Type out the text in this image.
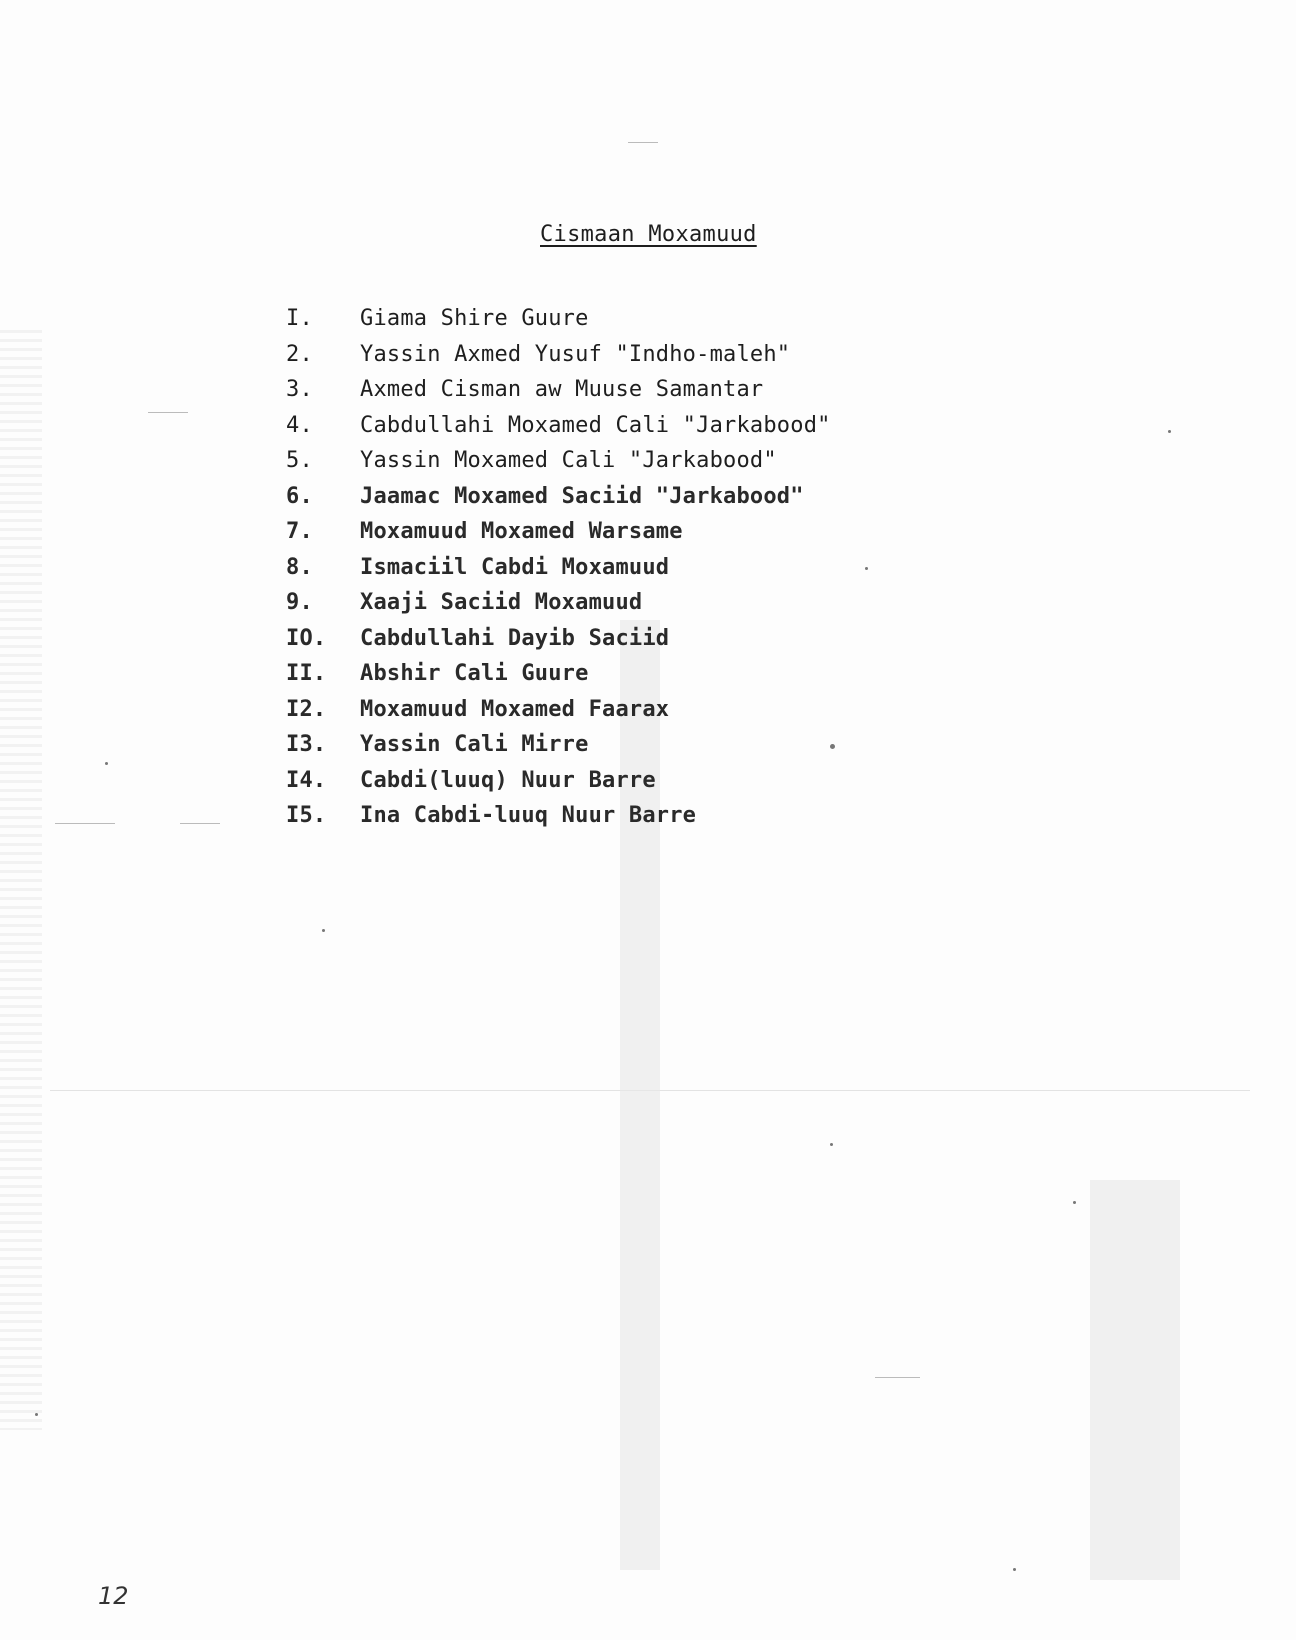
Cismaan Moxamuud
I.	Giama Shire Guure
2.	Yassin Axmed Yusuf "Indho-maleh"
3.	Axmed Cisman aw Muuse Samantar
4.	Cabdullahi Moxamed Cali "Jarkabood"
5.	Yassin Moxamed Cali "Jarkabood"
6.	Jaamac Moxamed Saciid "Jarkabood"
7.	Moxamuud Moxamed Warsame
8.	Ismaciil Cabdi Moxamuud
9.	Xaaji Saciid Moxamuud
IO.	Cabdullahi Dayib Saciid
II.	Abshir Cali Guure
I2.	Moxamuud Moxamed Faarax
I3.	Yassin Cali Mirre
I4.	Cabdi(luuq) Nuur Barre
I5.	Ina Cabdi-luuq Nuur Barre
12
